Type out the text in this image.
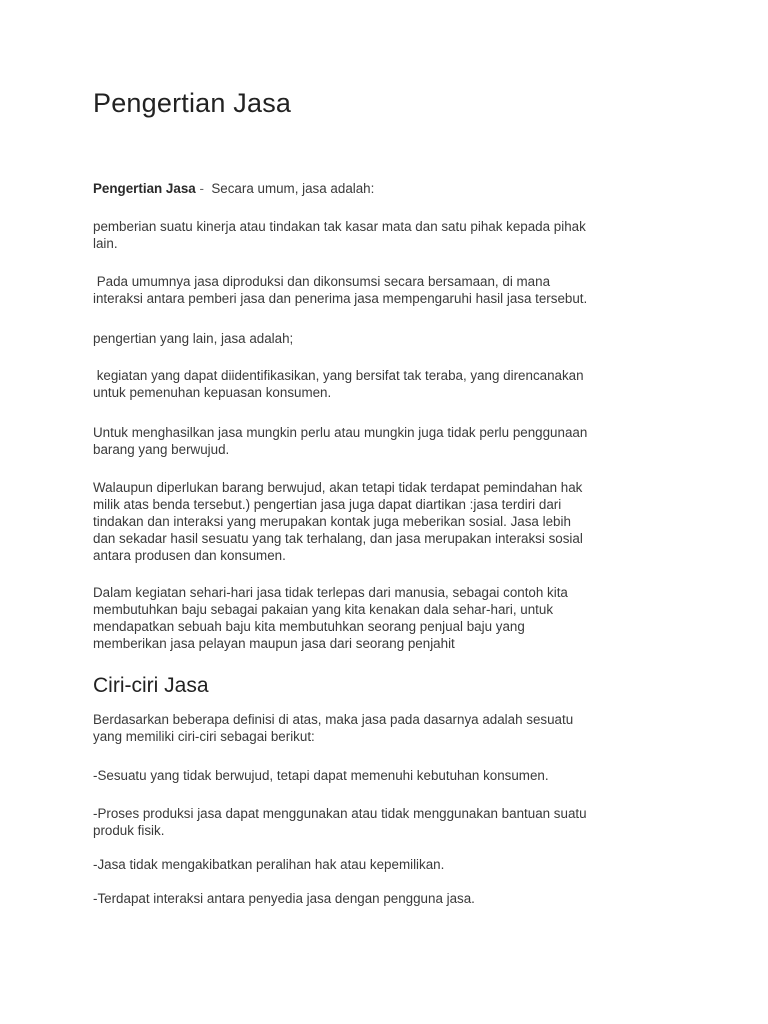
Pengertian Jasa

Pengertian Jasa -  Secara umum, jasa adalah:

pemberian suatu kinerja atau tindakan tak kasar mata dan satu pihak kepada pihak
lain.

Pada umumnya jasa diproduksi dan dikonsumsi secara bersamaan, di mana
interaksi antara pemberi jasa dan penerima jasa mempengaruhi hasil jasa tersebut.

pengertian yang lain, jasa adalah;

kegiatan yang dapat diidentifikasikan, yang bersifat tak teraba, yang direncanakan
untuk pemenuhan kepuasan konsumen.

Untuk menghasilkan jasa mungkin perlu atau mungkin juga tidak perlu penggunaan
barang yang berwujud.

Walaupun diperlukan barang berwujud, akan tetapi tidak terdapat pemindahan hak
milik atas benda tersebut.) pengertian jasa juga dapat diartikan :jasa terdiri dari
tindakan dan interaksi yang merupakan kontak juga meberikan sosial. Jasa lebih
dan sekadar hasil sesuatu yang tak terhalang, dan jasa merupakan interaksi sosial
antara produsen dan konsumen.

Dalam kegiatan sehari-hari jasa tidak terlepas dari manusia, sebagai contoh kita
membutuhkan baju sebagai pakaian yang kita kenakan dala sehar-hari, untuk
mendapatkan sebuah baju kita membutuhkan seorang penjual baju yang
memberikan jasa pelayan maupun jasa dari seorang penjahit

Ciri-ciri Jasa

Berdasarkan beberapa definisi di atas, maka jasa pada dasarnya adalah sesuatu
yang memiliki ciri-ciri sebagai berikut:

-Sesuatu yang tidak berwujud, tetapi dapat memenuhi kebutuhan konsumen.

-Proses produksi jasa dapat menggunakan atau tidak menggunakan bantuan suatu
produk fisik.

-Jasa tidak mengakibatkan peralihan hak atau kepemilikan.

-Terdapat interaksi antara penyedia jasa dengan pengguna jasa.
